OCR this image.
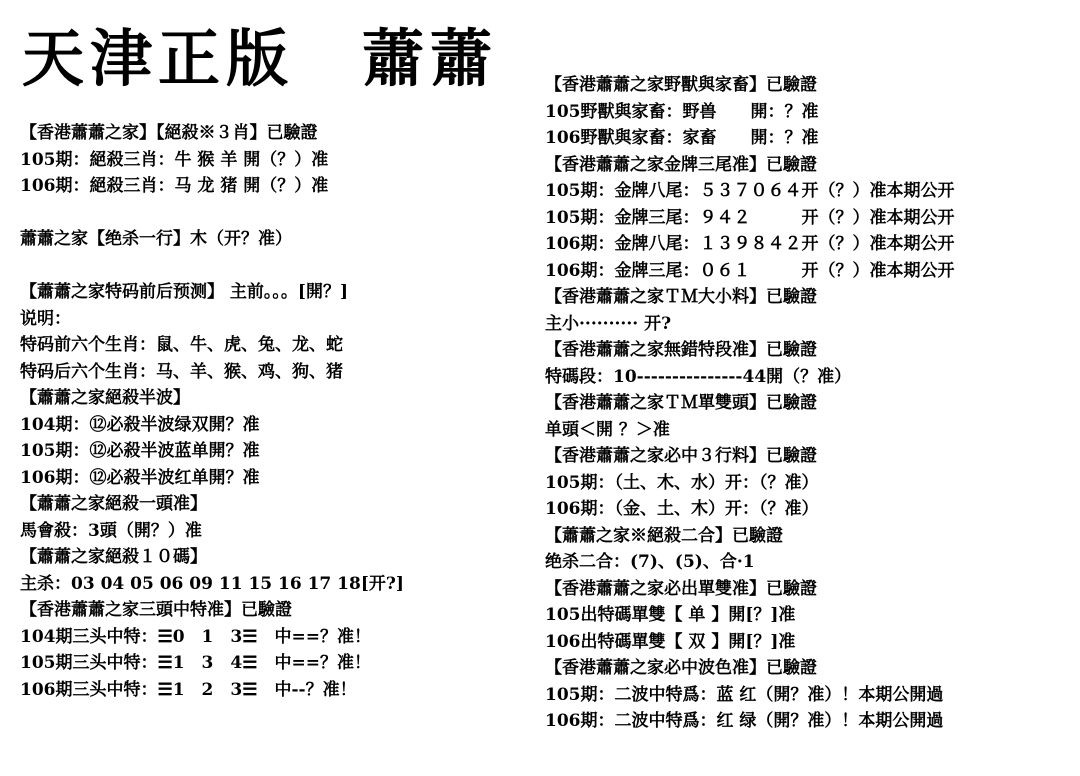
天津正版　蕭蕭
【香港蕭蕭之家】【絕殺※３肖】已驗證
105期：絕殺三肖：牛 猴 羊 開（？）准
106期：絕殺三肖：马 龙 猪 開（？）准
蕭蕭之家【绝杀一行】木（开？准）
【蕭蕭之家特码前后预测】 主前。。。[開？]
说明：
特码前六个生肖：鼠、牛、虎、兔、龙、蛇
特码后六个生肖：马、羊、猴、鸡、狗、猪
【蕭蕭之家絕殺半波】
104期：⑫必殺半波绿双開？准
105期：⑫必殺半波蓝单開？准
106期：⑫必殺半波红单開？准
【蕭蕭之家絕殺一頭准】
馬會殺：3頭（開？）准
【蕭蕭之家絕殺１０碼】
主杀：03 04 05 06 09 11 15 16 17 18[开?]
【香港蕭蕭之家三頭中特准】已驗證
104期三头中特：☰0　1　3☰　中==？准！
105期三头中特：☰1　3　4☰　中==？准！
106期三头中特：☰1　2　3☰　中--？准！
【香港蕭蕭之家野獸與家畜】已驗證
105野獸與家畜：野兽　　開：？准
106野獸與家畜：家畜　　開：？准
【香港蕭蕭之家金牌三尾准】已驗證
105期：金牌八尾：５３７０６４开（？）准本期公开
105期：金牌三尾：９４２　　　开（？）准本期公开
106期：金牌八尾：１３９８４２开（？）准本期公开
106期：金牌三尾：０６１　　　开（？）准本期公开
【香港蕭蕭之家ＴＭ大小料】已驗證
主小·········· 开?
【香港蕭蕭之家無錯特段准】已驗證
特碼段：10---------------44開（？准）
【香港蕭蕭之家ＴＭ單雙頭】已驗證
单頭＜開 ？＞准
【香港蕭蕭之家必中３行料】已驗證
105期：（土、木、水）开：（？准）
106期：（金、土、木）开：（？准）
【蕭蕭之家※絕殺二合】已驗證
绝杀二合：(7)、(5)、合·1
【香港蕭蕭之家必出單雙准】已驗證
105出特碼單雙【 单 】開[？]准
106出特碼單雙【 双 】開[？]准
【香港蕭蕭之家必中波色准】已驗證
105期：二波中特爲：蓝 红（開？准）！本期公開過
106期：二波中特爲：红 绿（開？准）！本期公開過
